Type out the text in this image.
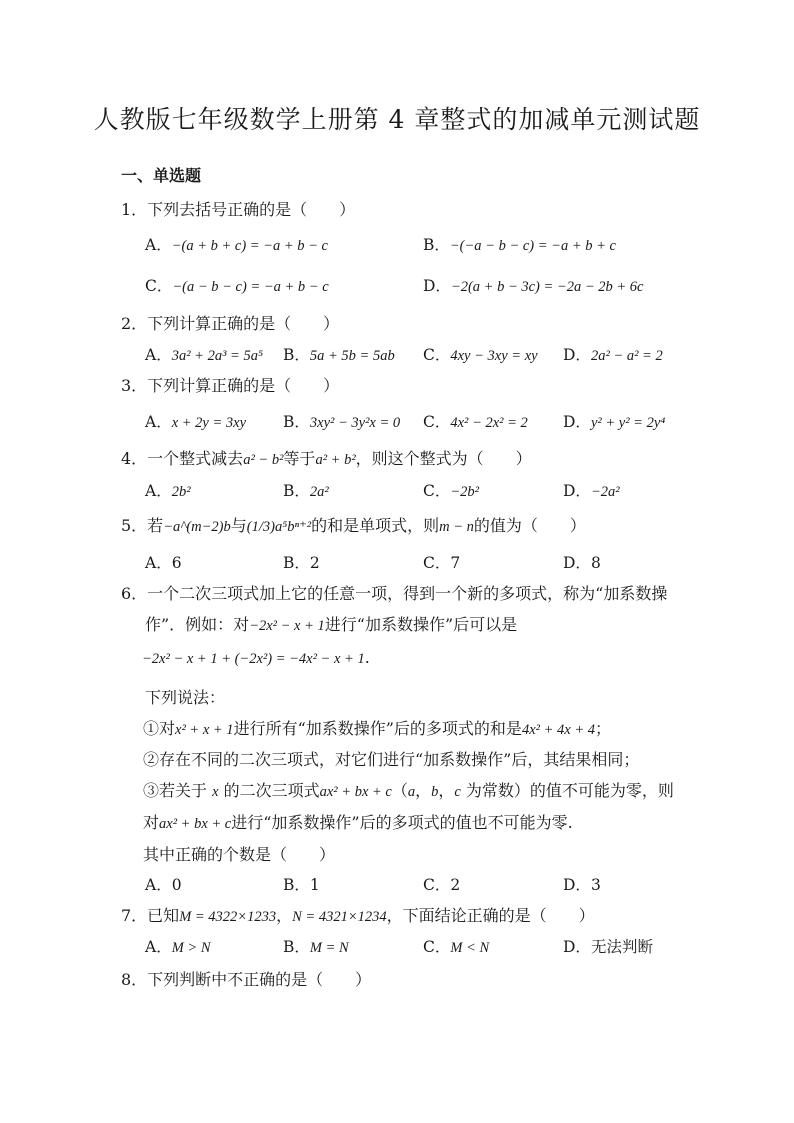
人教版七年级数学上册第 4 章整式的加减单元测试题
一、单选题
1．下列去括号正确的是（　　）
A．−(a + b + c) = −a + b − c	B．−(−a − b − c) = −a + b + c
C．−(a − b − c) = −a + b − c	D．−2(a + b − 3c) = −2a − 2b + 6c
2．下列计算正确的是（　　）
A．3a² + 2a³ = 5a⁵ B．5a + 5b = 5ab C．4xy − 3xy = xy D．2a² − a² = 2
3．下列计算正确的是（　　）
A．x + 2y = 3xy B．3xy² − 3y²x = 0 C．4x² − 2x² = 2 D．y² + y² = 2y⁴
4．一个整式减去a² − b²等于a² + b²，则这个整式为（　　）
A．2b²	B．2a²	C．−2b²	D．−2a²
5．若−a^(m−2)b与(1/3)a⁵bⁿ⁺²的和是单项式，则m − n的值为（　　）
A．6	B．2	C．7	D．8
6．一个二次三项式加上它的任意一项，得到一个新的多项式，称为“加系数操
作”．例如：对−2x² − x + 1进行“加系数操作”后可以是
−2x² − x + 1 + (−2x²) = −4x² − x + 1.
下列说法：
①对x² + x + 1进行所有“加系数操作”后的多项式的和是4x² + 4x + 4；
②存在不同的二次三项式，对它们进行“加系数操作”后，其结果相同；
③若关于 x 的二次三项式ax² + bx + c（a，b，c 为常数）的值不可能为零，则
对ax² + bx + c进行“加系数操作”后的多项式的值也不可能为零.
其中正确的个数是（　　）
A．0	B．1	C．2	D．3
7．已知M = 4322×1233，N = 4321×1234，下面结论正确的是（　　）
A．M > N	B．M = N	C．M < N	D．无法判断
8．下列判断中不正确的是（　　）
